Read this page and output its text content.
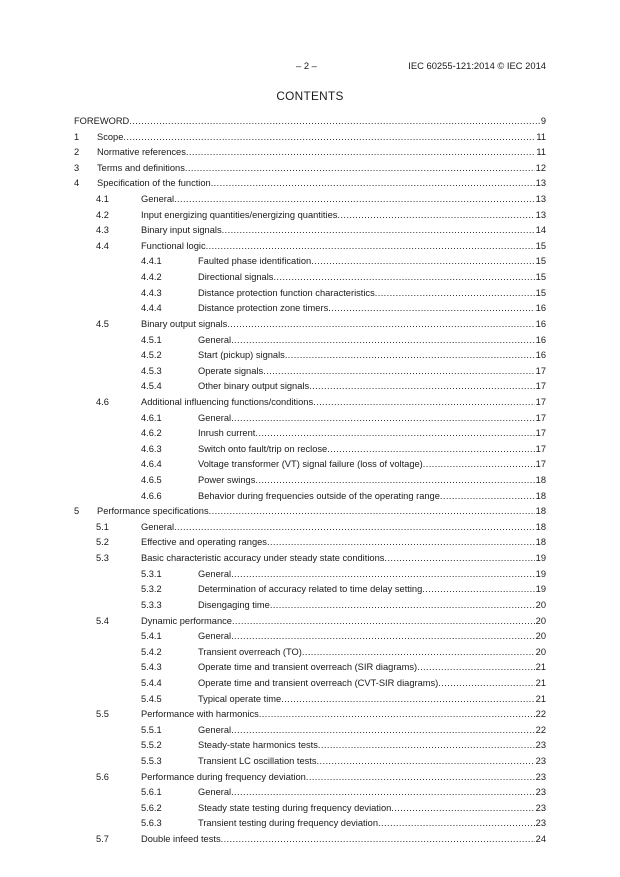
– 2 –	IEC 60255-121:2014 © IEC 2014
CONTENTS
FOREWORD .....	9
1 Scope .....	11
2 Normative references .....	11
3 Terms and definitions .....	12
4 Specification of the function .....	13
4.1	General .....	13
4.2	Input energizing quantities/energizing quantities .....	13
4.3	Binary input signals .....	14
4.4	Functional logic .....	15
4.4.1	Faulted phase identification .....	15
4.4.2	Directional signals .....	15
4.4.3	Distance protection function characteristics .....	15
4.4.4	Distance protection zone timers .....	16
4.5	Binary output signals .....	16
4.5.1	General .....	16
4.5.2	Start (pickup) signals .....	16
4.5.3	Operate signals .....	17
4.5.4	Other binary output signals .....	17
4.6	Additional influencing functions/conditions .....	17
4.6.1	General .....	17
4.6.2	Inrush current .....	17
4.6.3	Switch onto fault/trip on reclose .....	17
4.6.4	Voltage transformer (VT) signal failure (loss of voltage) .....	17
4.6.5	Power swings .....	18
4.6.6	Behavior during frequencies outside of the operating range .....	18
5 Performance specifications .....	18
5.1	General .....	18
5.2	Effective and operating ranges .....	18
5.3	Basic characteristic accuracy under steady state conditions .....	19
5.3.1	General .....	19
5.3.2	Determination of accuracy related to time delay setting .....	19
5.3.3	Disengaging time .....	20
5.4	Dynamic performance .....	20
5.4.1	General .....	20
5.4.2	Transient overreach (TO) .....	20
5.4.3	Operate time and transient overreach (SIR diagrams) .....	21
5.4.4	Operate time and transient overreach (CVT-SIR diagrams) .....	21
5.4.5	Typical operate time .....	21
5.5	Performance with harmonics .....	22
5.5.1	General .....	22
5.5.2	Steady-state harmonics tests .....	23
5.5.3	Transient LC oscillation tests .....	23
5.6	Performance during frequency deviation .....	23
5.6.1	General .....	23
5.6.2	Steady state testing during frequency deviation .....	23
5.6.3	Transient testing during frequency deviation .....	23
5.7	Double infeed tests .....	24
